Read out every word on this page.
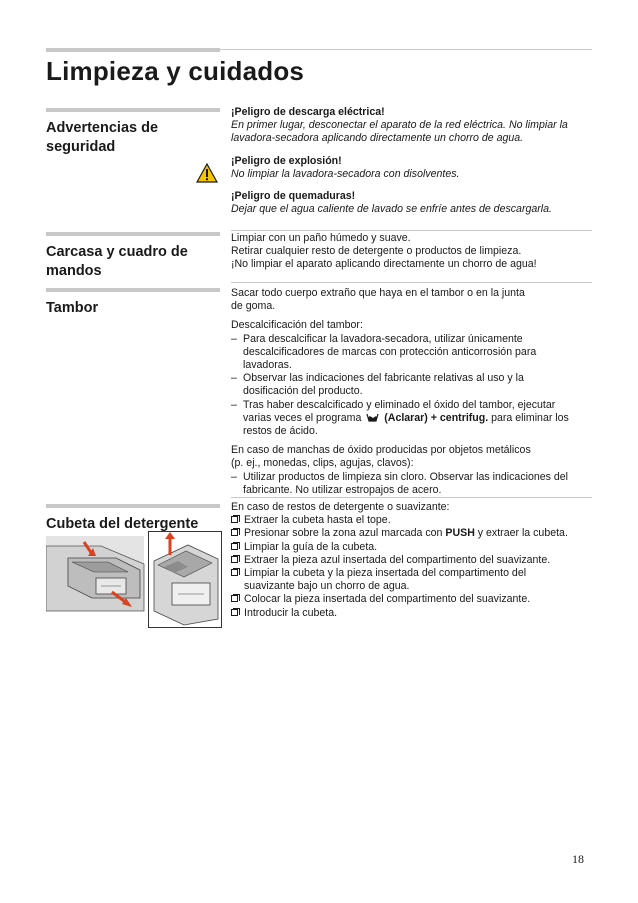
Limpieza y cuidados
Advertencias de
seguridad

¡Peligro de descarga eléctrica!

En primer lugar, desconectar el aparato de la red eléctrica. No limpiar la

lavadora-secadora aplicando directamente un chorro de agua.

¡Peligro de explosión!

No limpiar la lavadora-secadora con disolventes.

¡Peligro de quemaduras!

Dejar que el agua caliente de lavado se enfríe antes de descargarla.

Carcasa y cuadro de
mandos

Limpiar con un paño húmedo y suave.

Retirar cualquier resto de detergente o productos de limpieza.

¡No limpiar el aparato aplicando directamente un chorro de agua!

Tambor

Sacar todo cuerpo extraño que haya en el tambor o en la junta

de goma.

Descalcificación del tambor:

– Para descalcificar la lavadora-secadora, utilizar únicamente

descalcificadores de marcas con protección anticorrosión para

lavadoras.

– Observar las indicaciones del fabricante relativas al uso y la

dosificación del producto.

– Tras haber descalcificado y eliminado el óxido del tambor, ejecutar

varias veces el programa (Aclarar) + centrifug. para eliminar los

restos de ácido.

En caso de manchas de óxido producidas por objetos metálicos

(p. ej., monedas, clips, agujas, clavos):

– Utilizar productos de limpieza sin cloro. Observar las indicaciones del

fabricante. No utilizar estropajos de acero.

Cubeta del detergente

En caso de restos de detergente o suavizante:

Extraer la cubeta hasta el tope.

Presionar sobre la zona azul marcada con PUSH y extraer la cubeta.

Limpiar la guía de la cubeta.

Extraer la pieza azul insertada del compartimento del suavizante.

Limpiar la cubeta y la pieza insertada del compartimento del

suavizante bajo un chorro de agua.

Colocar la pieza insertada del compartimento del suavizante.

Introducir la cubeta.

18
